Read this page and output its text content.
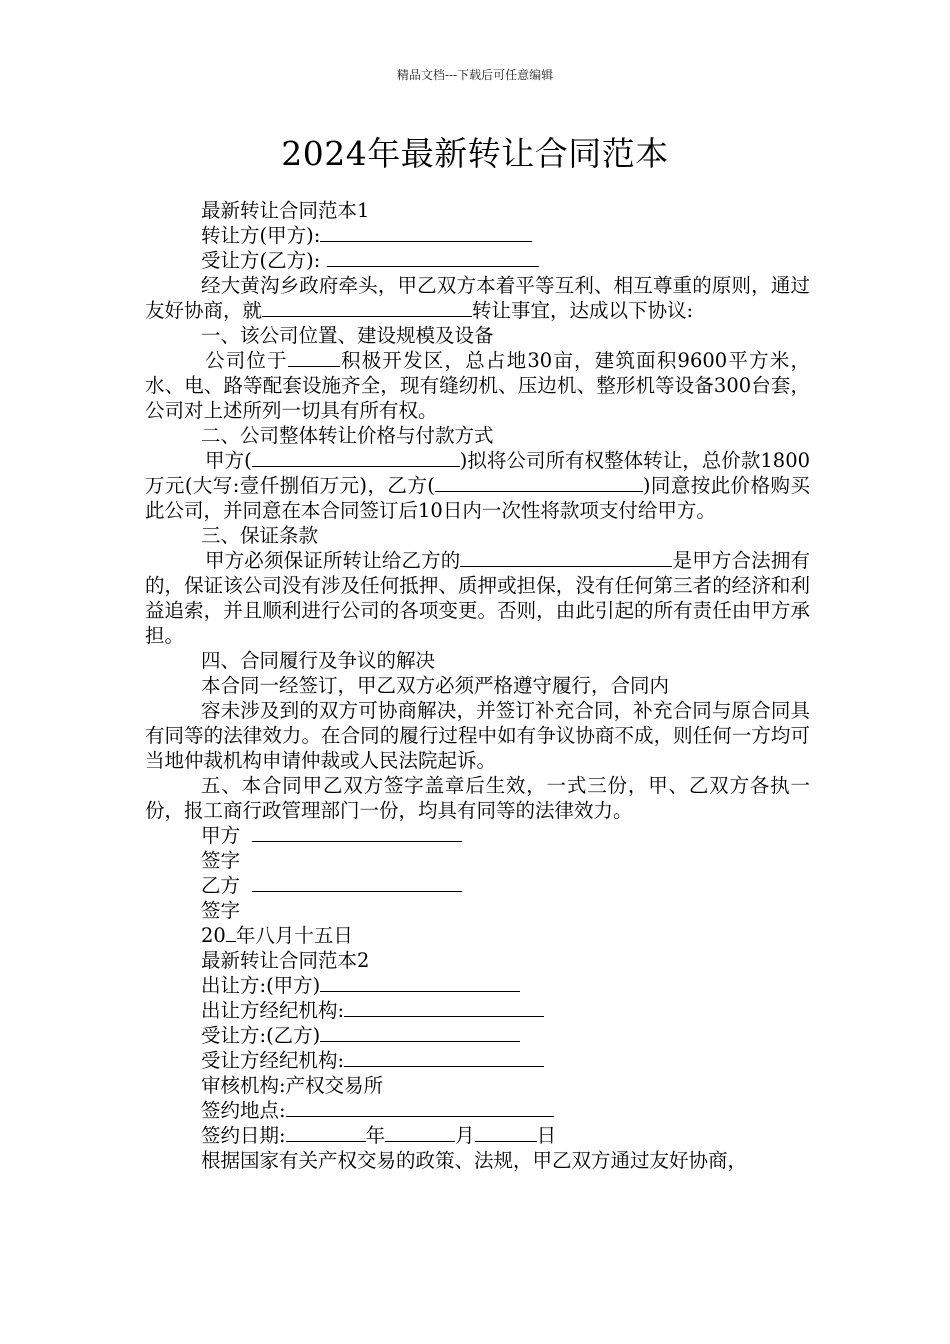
精品文档---下载后可任意编辑
2024年最新转让合同范本

最新转让合同范本1

转让方(甲方):

受让方(乙方):

经大黄沟乡政府牵头，甲乙双方本着平等互利、相互尊重的原则，通过友好协商，就	转让事宜，达成以下协议:

一、该公司位置、建设规模及设备

公司位于	积极开发区，总占地30亩，建筑面积9600平方米，水、电、路等配套设施齐全，现有缝纫机、压边机、整形机等设备300台套，公司对上述所列一切具有所有权。

二、公司整体转让价格与付款方式

甲方(	)拟将公司所有权整体转让，总价款1800万元(大写:壹仟捌佰万元)，乙方(	)同意按此价格购买此公司，并同意在本合同签订后10日内一次性将款项支付给甲方。

三、保证条款

甲方必须保证所转让给乙方的	是甲方合法拥有的，保证该公司没有涉及任何抵押、质押或担保，没有任何第三者的经济和利益追索，并且顺利进行公司的各项变更。否则，由此引起的所有责任由甲方承担。

四、合同履行及争议的解决

本合同一经签订，甲乙双方必须严格遵守履行，合同内

容未涉及到的双方可协商解决，并签订补充合同，补充合同与原合同具有同等的法律效力。在合同的履行过程中如有争议协商不成，则任何一方均可当地仲裁机构申请仲裁或人民法院起诉。

五、本合同甲乙双方签字盖章后生效，一式三份，甲、乙双方各执一份，报工商行政管理部门一份，均具有同等的法律效力。

甲方

签字

乙方

签字

20 年八月十五日

最新转让合同范本2

出让方:(甲方)

出让方经纪机构:

受让方:(乙方)

受让方经纪机构:

审核机构:产权交易所

签约地点:

签约日期:	年	月	日

根据国家有关产权交易的政策、法规，甲乙双方通过友好协商，
